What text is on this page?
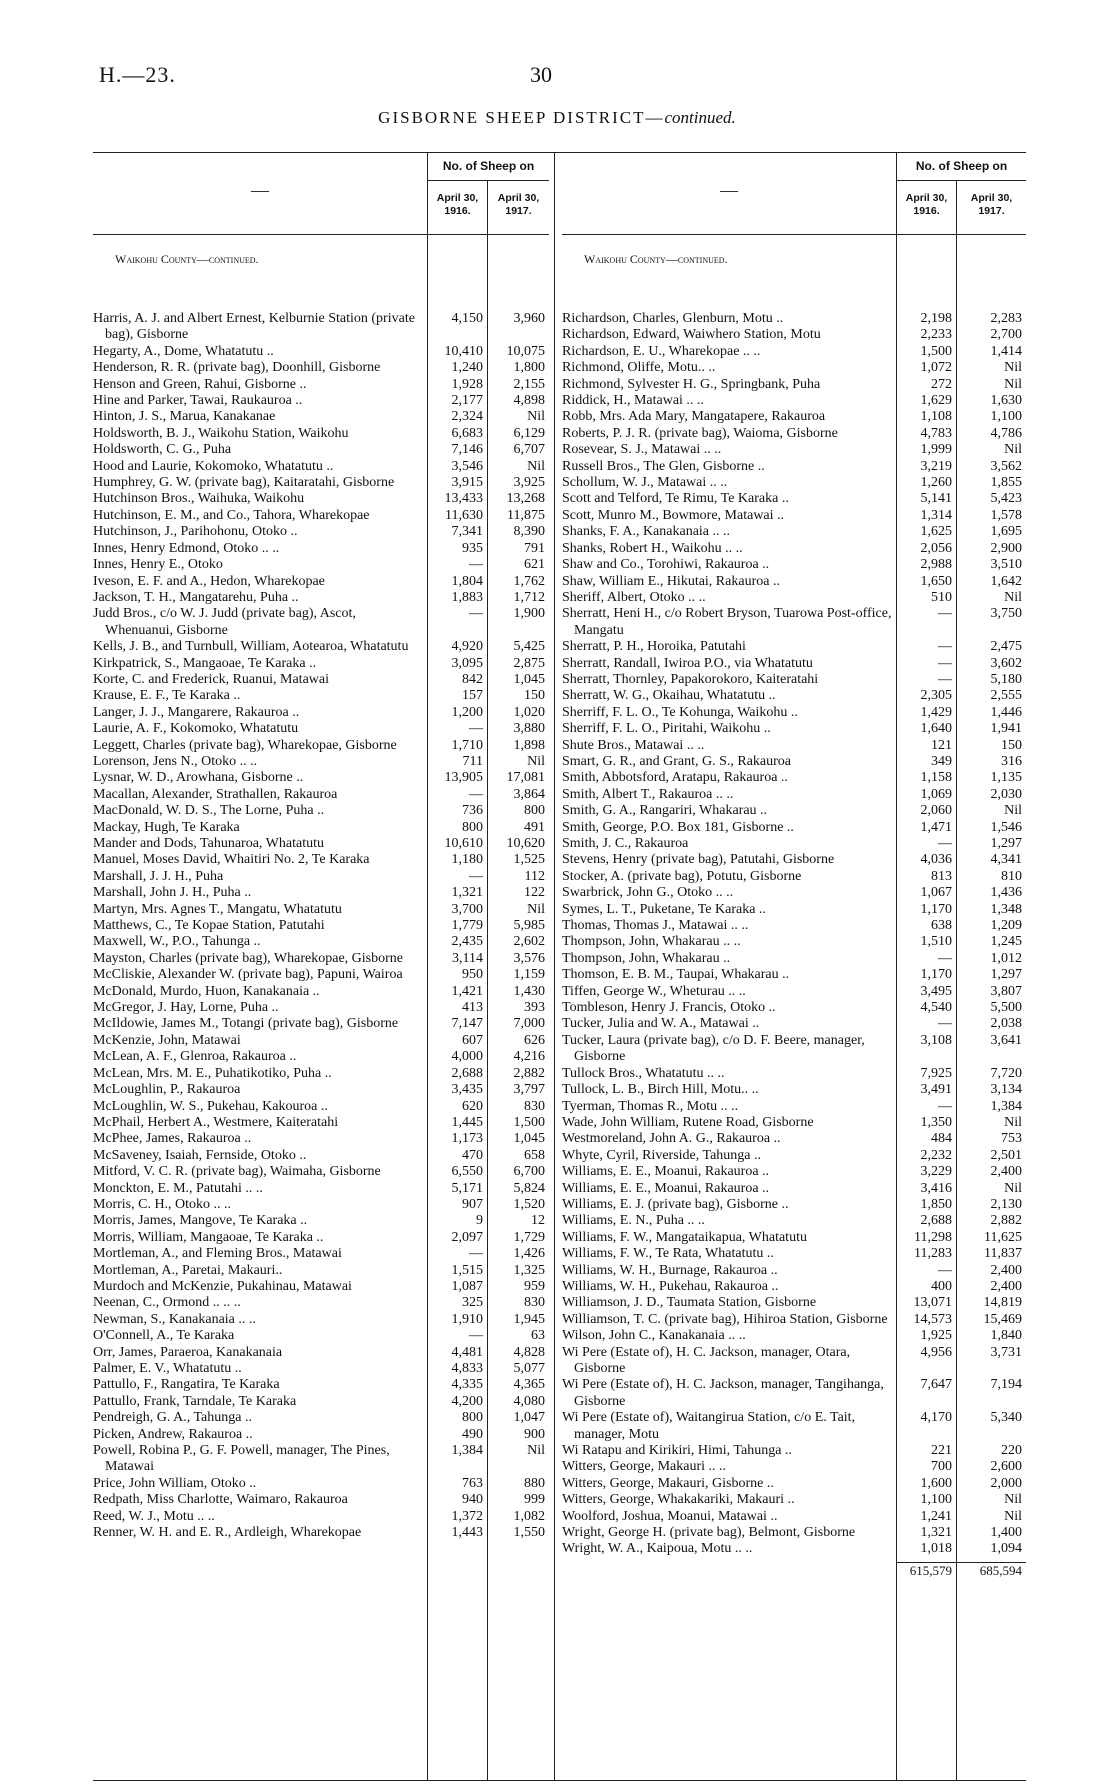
H.—23.	30
GISBORNE SHEEP DISTRICT—continued.
—
No. of Sheep on
April 30, 1916.
April 30, 1917.
Waikohu County—continued.
Harris, A. J. and Albert Ernest, Kelburnie Station (private bag), Gisborne
4,150	3,960
Hegarty, A., Dome, Whatatutu ..	10,410	10,075
Henderson, R. R. (private bag), Doonhill, Gisborne	1,240	1,800
Henson and Green, Rahui, Gisborne ..	1,928	2,155
Hine and Parker, Tawai, Raukauroa ..	2,177	4,898
Hinton, J. S., Marua, Kanakanae	2,324	Nil
Holdsworth, B. J., Waikohu Station, Waikohu	6,683	6,129
Holdsworth, C. G., Puha	7,146	6,707
Hood and Laurie, Kokomoko, Whatatutu ..	3,546	Nil
Humphrey, G. W. (private bag), Kaitaratahi, Gisborne	3,915	3,925
Hutchinson Bros., Waihuka, Waikohu	13,433	13,268
Hutchinson, E. M., and Co., Tahora, Wharekopae	11,630	11,875
Hutchinson, J., Parihohonu, Otoko ..	7,341	8,390
Innes, Henry Edmond, Otoko .. ..	935	791
Innes, Henry E., Otoko	—	621
Iveson, E. F. and A., Hedon, Wharekopae	1,804	1,762
Jackson, T. H., Mangatarehu, Puha ..	1,883	1,712
Judd Bros., c/o W. J. Judd (private bag), Ascot, Whenuanui, Gisborne
—	1,900
Kells, J. B., and Turnbull, William, Aotearoa, Whatatutu	4,920	5,425
Kirkpatrick, S., Mangaoae, Te Karaka ..	3,095	2,875
Korte, C. and Frederick, Ruanui, Matawai	842	1,045
Krause, E. F., Te Karaka ..	157	150
Langer, J. J., Mangarere, Rakauroa ..	1,200	1,020
Laurie, A. F., Kokomoko, Whatatutu	—	3,880
Leggett, Charles (private bag), Wharekopae, Gisborne	1,710	1,898
Lorenson, Jens N., Otoko .. ..	711	Nil
Lysnar, W. D., Arowhana, Gisborne ..	13,905	17,081
Macallan, Alexander, Strathallen, Rakauroa	—	3,864
MacDonald, W. D. S., The Lorne, Puha ..	736	800
Mackay, Hugh, Te Karaka	800	491
Mander and Dods, Tahunaroa, Whatatutu	10,610	10,620
Manuel, Moses David, Whaitiri No. 2, Te Karaka	1,180	1,525
Marshall, J. J. H., Puha	—	112
Marshall, John J. H., Puha ..	1,321	122
Martyn, Mrs. Agnes T., Mangatu, Whatatutu	3,700	Nil
Matthews, C., Te Kopae Station, Patutahi	1,779	5,985
Maxwell, W., P.O., Tahunga ..	2,435	2,602
Mayston, Charles (private bag), Wharekopae, Gisborne	3,114	3,576
McCliskie, Alexander W. (private bag), Papuni, Wairoa	950	1,159
McDonald, Murdo, Huon, Kanakanaia ..	1,421	1,430
McGregor, J. Hay, Lorne, Puha ..	413	393
McIldowie, James M., Totangi (private bag), Gisborne	7,147	7,000
McKenzie, John, Matawai	607	626
McLean, A. F., Glenroa, Rakauroa ..	4,000	4,216
McLean, Mrs. M. E., Puhatikotiko, Puha ..	2,688	2,882
McLoughlin, P., Rakauroa	3,435	3,797
McLoughlin, W. S., Pukehau, Kakouroa ..	620	830
McPhail, Herbert A., Westmere, Kaiteratahi	1,445	1,500
McPhee, James, Rakauroa ..	1,173	1,045
McSaveney, Isaiah, Fernside, Otoko ..	470	658
Mitford, V. C. R. (private bag), Waimaha, Gisborne	6,550	6,700
Monckton, E. M., Patutahi .. ..	5,171	5,824
Morris, C. H., Otoko .. ..	907	1,520
Morris, James, Mangove, Te Karaka ..	9	12
Morris, William, Mangaoae, Te Karaka ..	2,097	1,729
Mortleman, A., and Fleming Bros., Matawai	—	1,426
Mortleman, A., Paretai, Makauri..	1,515	1,325
Murdoch and McKenzie, Pukahinau, Matawai	1,087	959
Neenan, C., Ormond .. .. ..	325	830
Newman, S., Kanakanaia .. ..	1,910	1,945
O'Connell, A., Te Karaka	—	63
Orr, James, Paraeroa, Kanakanaia	4,481	4,828
Palmer, E. V., Whatatutu ..	4,833	5,077
Pattullo, F., Rangatira, Te Karaka	4,335	4,365
Pattullo, Frank, Tarndale, Te Karaka	4,200	4,080
Pendreigh, G. A., Tahunga ..	800	1,047
Picken, Andrew, Rakauroa ..	490	900
Powell, Robina P., G. F. Powell, manager, The Pines, Matawai
1,384	Nil
Price, John William, Otoko ..	763	880
Redpath, Miss Charlotte, Waimaro, Rakauroa	940	999
Reed, W. J., Motu .. ..	1,372	1,082
Renner, W. H. and E. R., Ardleigh, Wharekopae	1,443	1,550
—
No. of Sheep on
April 30, 1916.
April 30, 1917.
Waikohu County—continued.
Richardson, Charles, Glenburn, Motu ..	2,198	2,283
Richardson, Edward, Waiwhero Station, Motu	2,233	2,700
Richardson, E. U., Wharekopae .. ..	1,500	1,414
Richmond, Oliffe, Motu.. ..	1,072	Nil
Richmond, Sylvester H. G., Springbank, Puha	272	Nil
Riddick, H., Matawai .. ..	1,629	1,630
Robb, Mrs. Ada Mary, Mangatapere, Rakauroa	1,108	1,100
Roberts, P. J. R. (private bag), Waioma, Gisborne	4,783	4,786
Rosevear, S. J., Matawai .. ..	1,999	Nil
Russell Bros., The Glen, Gisborne ..	3,219	3,562
Schollum, W. J., Matawai .. ..	1,260	1,855
Scott and Telford, Te Rimu, Te Karaka ..	5,141	5,423
Scott, Munro M., Bowmore, Matawai ..	1,314	1,578
Shanks, F. A., Kanakanaia .. ..	1,625	1,695
Shanks, Robert H., Waikohu .. ..	2,056	2,900
Shaw and Co., Torohiwi, Rakauroa ..	2,988	3,510
Shaw, William E., Hikutai, Rakauroa ..	1,650	1,642
Sheriff, Albert, Otoko .. ..	510	Nil
Sherratt, Heni H., c/o Robert Bryson, Tuarowa Post-office, Mangatu
—	3,750
Sherratt, P. H., Horoika, Patutahi	—	2,475
Sherratt, Randall, Iwiroa P.O., via Whatatutu	—	3,602
Sherratt, Thornley, Papakorokoro, Kaiteratahi	—	5,180
Sherratt, W. G., Okaihau, Whatatutu ..	2,305	2,555
Sherriff, F. L. O., Te Kohunga, Waikohu ..	1,429	1,446
Sherriff, F. L. O., Piritahi, Waikohu ..	1,640	1,941
Shute Bros., Matawai .. ..	121	150
Smart, G. R., and Grant, G. S., Rakauroa	349	316
Smith, Abbotsford, Aratapu, Rakauroa ..	1,158	1,135
Smith, Albert T., Rakauroa .. ..	1,069	2,030
Smith, G. A., Rangariri, Whakarau ..	2,060	Nil
Smith, George, P.O. Box 181, Gisborne ..	1,471	1,546
Smith, J. C., Rakauroa	—	1,297
Stevens, Henry (private bag), Patutahi, Gisborne	4,036	4,341
Stocker, A. (private bag), Potutu, Gisborne	813	810
Swarbrick, John G., Otoko .. ..	1,067	1,436
Symes, L. T., Puketane, Te Karaka ..	1,170	1,348
Thomas, Thomas J., Matawai .. ..	638	1,209
Thompson, John, Whakarau .. ..	1,510	1,245
Thompson, John, Whakarau ..	—	1,012
Thomson, E. B. M., Taupai, Whakarau ..	1,170	1,297
Tiffen, George W., Wheturau .. ..	3,495	3,807
Tombleson, Henry J. Francis, Otoko ..	4,540	5,500
Tucker, Julia and W. A., Matawai ..	—	2,038
Tucker, Laura (private bag), c/o D. F. Beere, manager, Gisborne
3,108	3,641
Tullock Bros., Whatatutu .. ..	7,925	7,720
Tullock, L. B., Birch Hill, Motu.. ..	3,491	3,134
Tyerman, Thomas R., Motu .. ..	—	1,384
Wade, John William, Rutene Road, Gisborne	1,350	Nil
Westmoreland, John A. G., Rakauroa ..	484	753
Whyte, Cyril, Riverside, Tahunga ..	2,232	2,501
Williams, E. E., Moanui, Rakauroa ..	3,229	2,400
Williams, E. E., Moanui, Rakauroa ..	3,416	Nil
Williams, E. J. (private bag), Gisborne ..	1,850	2,130
Williams, E. N., Puha .. ..	2,688	2,882
Williams, F. W., Mangataikapua, Whatatutu	11,298	11,625
Williams, F. W., Te Rata, Whatatutu ..	11,283	11,837
Williams, W. H., Burnage, Rakauroa ..	—	2,400
Williams, W. H., Pukehau, Rakauroa ..	400	2,400
Williamson, J. D., Taumata Station, Gisborne	13,071	14,819
Williamson, T. C. (private bag), Hihiroa Station, Gisborne	14,573	15,469
Wilson, John C., Kanakanaia .. ..	1,925	1,840
Wi Pere (Estate of), H. C. Jackson, manager, Otara, Gisborne
4,956	3,731
Wi Pere (Estate of), H. C. Jackson, manager, Tangihanga, Gisborne
7,647	7,194
Wi Pere (Estate of), Waitangirua Station, c/o E. Tait, manager, Motu
4,170	5,340
Wi Ratapu and Kirikiri, Himi, Tahunga ..	221	220
Witters, George, Makauri .. ..	700	2,600
Witters, George, Makauri, Gisborne ..	1,600	2,000
Witters, George, Whakakariki, Makauri ..	1,100	Nil
Woolford, Joshua, Moanui, Matawai ..	1,241	Nil
Wright, George H. (private bag), Belmont, Gisborne	1,321	1,400
Wright, W. A., Kaipoua, Motu .. ..	1,018	1,094
615,579	685,594
